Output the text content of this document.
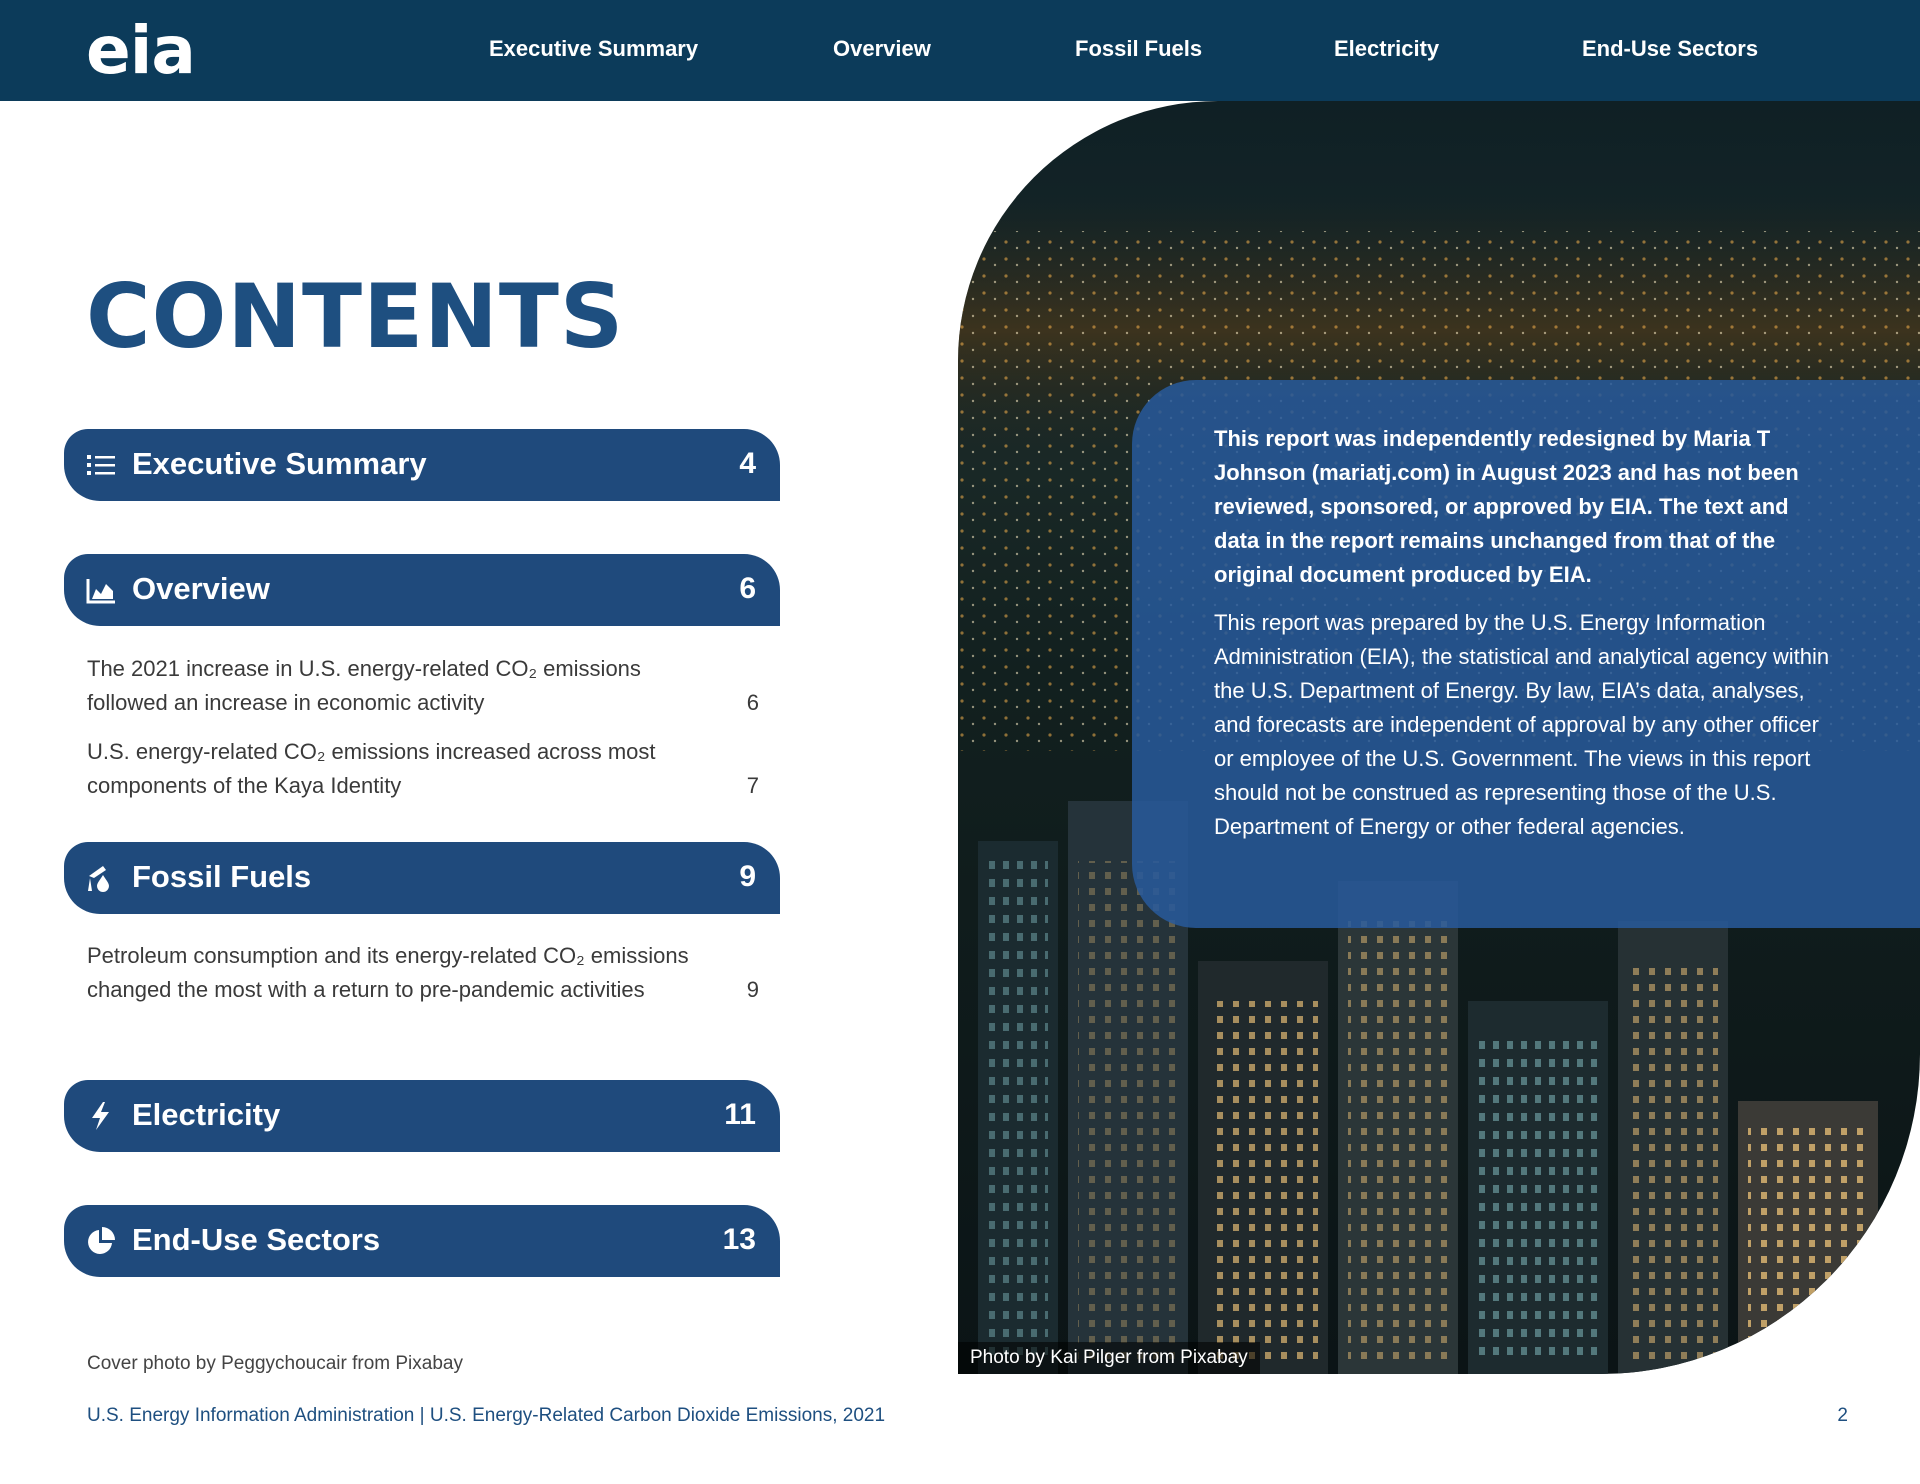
eia	Executive Summary	Overview	Fossil Fuels	Electricity	End-Use Sectors
CONTENTS
Executive Summary	4
Overview	6
The 2021 increase in U.S. energy-related CO₂ emissions followed an increase in economic activity	6
U.S. energy-related CO₂ emissions increased across most components of the Kaya Identity	7
Fossil Fuels	9
Petroleum consumption and its energy-related CO₂ emissions changed the most with a return to pre-pandemic activities	9
Electricity	11
End-Use Sectors	13
Photo by Kai Pilger from Pixabay
This report was independently redesigned by Maria T Johnson (mariatj.com) in August 2023 and has not been reviewed, sponsored, or approved by EIA. The text and data in the report remains unchanged from that of the original document produced by EIA.
This report was prepared by the U.S. Energy Information Administration (EIA), the statistical and analytical agency within the U.S. Department of Energy. By law, EIA’s data, analyses, and forecasts are independent of approval by any other officer or employee of the U.S. Government. The views in this report should not be construed as representing those of the U.S. Department of Energy or other federal agencies.
Cover photo by Peggychoucair from Pixabay
U.S. Energy Information Administration | U.S. Energy-Related Carbon Dioxide Emissions, 2021	2
